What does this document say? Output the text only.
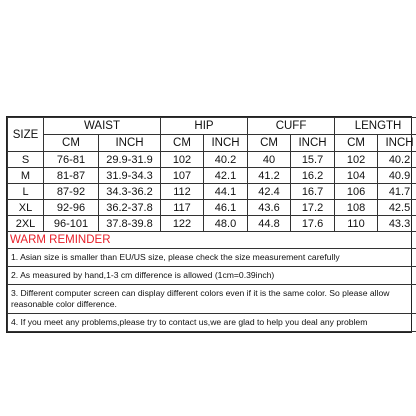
SIZE	WAIST		HIP		CUFF		LENGTH	
	CM	INCH	CM	INCH	CM	INCH	CM	INCH
S	76-81	29.9-31.9	102	40.2	40	15.7	102	40.2
M	81-87	31.9-34.3	107	42.1	41.2	16.2	104	40.9
L	87-92	34.3-36.2	112	44.1	42.4	16.7	106	41.7
XL	92-96	36.2-37.8	117	46.1	43.6	17.2	108	42.5
2XL	96-101	37.8-39.8	122	48.0	44.8	17.6	110	43.3
WARM REMINDER								
1. Asian size is smaller than EU/US size, please check the size measurement carefully								
2. As measured by hand,1-3 cm difference is allowed (1cm=0.39inch)								
3. Different computer screen can display different colors even if it is the same color. So please allow reasonable color difference.								
4. If you meet any problems,please try to contact us,we are glad to help you deal any problem								
